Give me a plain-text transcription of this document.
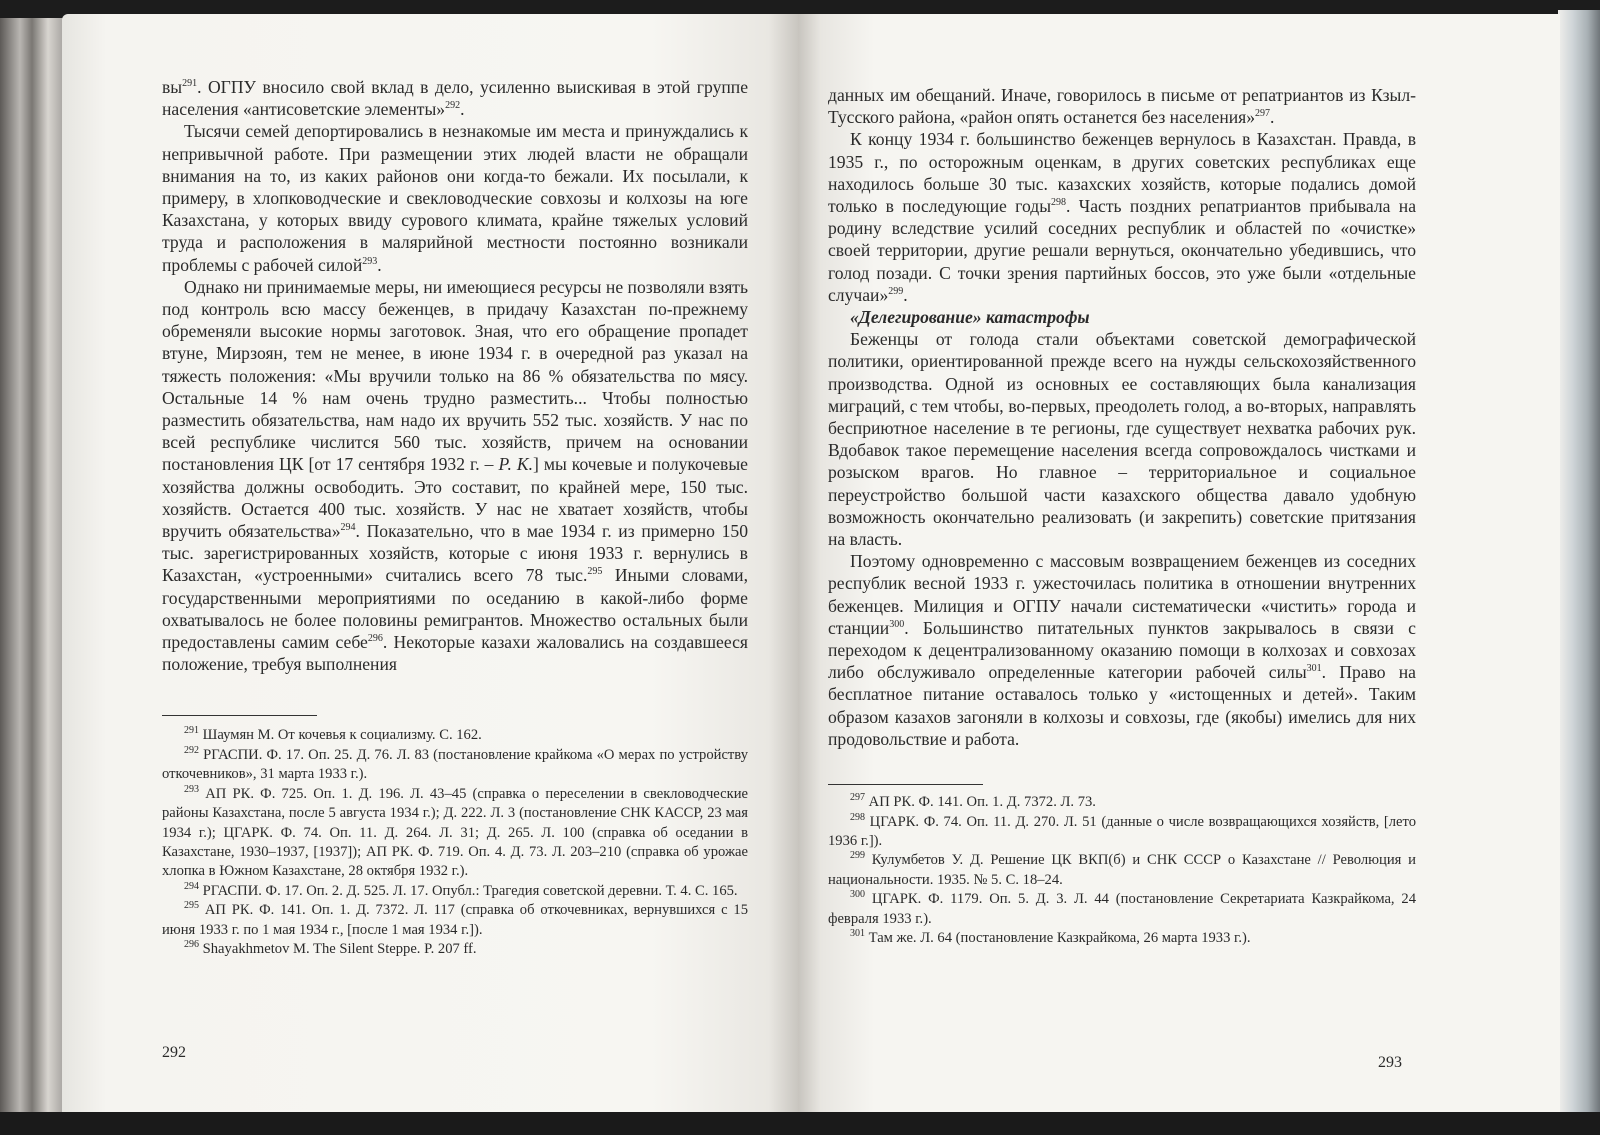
$вы^{291}$. ОГПУ вносило свой вклад в дело, усиленно выискивая в этой группе населения «антисоветские элементы»$^{292}$.

Тысячи семей депортировались в незнакомые им места и принуждались к непривычной работе. При размещении этих людей власти не обращали внимания на то, из каких районов они когда-то бежали. Их посылали, к примеру, в хлопководческие и свекловодческие совхозы и колхозы на юге Казахстана, у которых ввиду сурового климата, крайне тяжелых условий труда и расположения в малярийной местности постоянно возникали проблемы с рабочей силой$^{293}$.

Однако ни принимаемые меры, ни имеющиеся ресурсы не позволяли взять под контроль всю массу беженцев, в придачу Казахстан по-прежнему обременяли высокие нормы заготовок. Зная, что его обращение пропадет втуне, Мирзоян, тем не менее, в июне 1934 г. в очередной раз указал на тяжесть положения: «Мы вручили только на 86 % обязательства по мясу. Остальные 14 % нам очень трудно разместить... Чтобы полностью разместить обязательства, нам надо их вручить 552 тыс. хозяйств. У нас по всей республике числится 560 тыс. хозяйств, причем на основании постановления ЦК [от 17 сентября 1932 г. – Р. К.] мы кочевые и полукочевые хозяйства должны освободить. Это составит, по крайней мере, 150 тыс. хозяйств. Остается 400 тыс. хозяйств. У нас не хватает хозяйств, чтобы вручить обязательства»$^{294}$. Показательно, что в мае 1934 г. из примерно 150 тыс. зарегистрированных хозяйств, которые с июня 1933 г. вернулись в Казахстан, «устроенными» считались всего 78 тыс.$^{295}$ Иными словами, государственными мероприятиями по оседанию в какой-либо форме охватывалось не более половины ремигрантов. Множество остальных были предоставлены самим себе$^{296}$. Некоторые казахи жаловались на создавшееся положение, требуя выполнения

$^{291}$ Шаумян М. От кочевья к социализму. С. 162.

$^{292}$ РГАСПИ. Ф. 17. Оп. 25. Д. 76. Л. 83 (постановление крайкома «О мерах по устройству откочевников», 31 марта 1933 г.).

$^{293}$ АП РК. Ф. 725. Оп. 1. Д. 196. Л. 43–45 (справка о переселении в свекловодческие районы Казахстана, после 5 августа 1934 г.); Д. 222. Л. 3 (постановление СНК КАССР, 23 мая 1934 г.); ЦГАРК. Ф. 74. Оп. 11. Д. 264. Л. 31; Д. 265. Л. 100 (справка об оседании в Казахстане, 1930–1937, [1937]); АП РК. Ф. 719. Оп. 4. Д. 73. Л. 203–210 (справка об урожае хлопка в Южном Казахстане, 28 октября 1932 г.).

$^{294}$ РГАСПИ. Ф. 17. Оп. 2. Д. 525. Л. 17. Опубл.: Трагедия советской деревни. Т. 4. С. 165.

$^{295}$ АП РК. Ф. 141. Оп. 1. Д. 7372. Л. 117 (справка об откочевниках, вернувшихся с 15 июня 1933 г. по 1 мая 1934 г., [после 1 мая 1934 г.]).

$^{296}$ Shayakhmetov M. The Silent Steppe. P. 207 ff.

292

данных им обещаний. Иначе, говорилось в письме от репатриантов из Кзыл-Тусского района, «район опять останется без населения»$^{297}$.

К концу 1934 г. большинство беженцев вернулось в Казахстан. Правда, в 1935 г., по осторожным оценкам, в других советских республиках еще находилось больше 30 тыс. казахских хозяйств, которые подались домой только в последующие годы$^{298}$. Часть поздних репатриантов прибывала на родину вследствие усилий соседних республик и областей по «очистке» своей территории, другие решали вернуться, окончательно убедившись, что голод позади. С точки зрения партийных боссов, это уже были «отдельные случаи»$^{299}$.

«Делегирование» катастрофы

Беженцы от голода стали объектами советской демографической политики, ориентированной прежде всего на нужды сельскохозяйственного производства. Одной из основных ее составляющих была канализация миграций, с тем чтобы, во-первых, преодолеть голод, а во-вторых, направлять бесприютное население в те регионы, где существует нехватка рабочих рук. Вдобавок такое перемещение населения всегда сопровождалось чистками и розыском врагов. Но главное – территориальное и социальное переустройство большой части казахского общества давало удобную возможность окончательно реализовать (и закрепить) советские притязания на власть.

Поэтому одновременно с массовым возвращением беженцев из соседних республик весной 1933 г. ужесточилась политика в отношении внутренних беженцев. Милиция и ОГПУ начали систематически «чистить» города и станции$^{300}$. Большинство питательных пунктов закрывалось в связи с переходом к децентрализованному оказанию помощи в колхозах и совхозах либо обслуживало определенные категории рабочей силы$^{301}$. Право на бесплатное питание оставалось только у «истощенных и детей». Таким образом казахов загоняли в колхозы и совхозы, где (якобы) имелись для них продовольствие и работа.

$^{297}$ АП РК. Ф. 141. Оп. 1. Д. 7372. Л. 73.

$^{298}$ ЦГАРК. Ф. 74. Оп. 11. Д. 270. Л. 51 (данные о числе возвращающихся хозяйств, [лето 1936 г.]).

$^{299}$ Кулумбетов У. Д. Решение ЦК ВКП(б) и СНК СССР о Казахстане // Революция и национальности. 1935. № 5. С. 18–24.

$^{300}$ ЦГАРК. Ф. 1179. Оп. 5. Д. 3. Л. 44 (постановление Секретариата Казкрайкома, 24 февраля 1933 г.).

$^{301}$ Там же. Л. 64 (постановление Казкрайкома, 26 марта 1933 г.).

293
